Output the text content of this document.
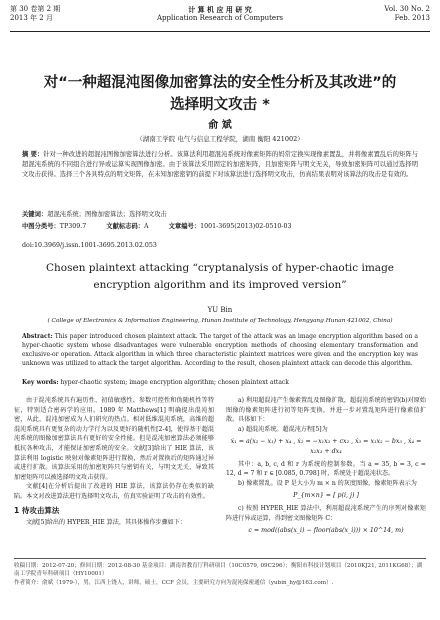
第 30 卷第 2 期
2013 年 2 月
计 算 机 应 用 研 究
Application Research of Computers
Vol. 30 No. 2
Feb. 2013
对“一种超混沌图像加密算法的安全性分析及其改进”的选择明文攻击 *
俞 斌
（湖南工学院 电气与信息工程学院，湖南 衡阳 421002）
摘 要：针对一种改进的超混沌图像加密算法进行分析。该算法利用超混沌系统对像素矩阵的妈常定换实现像素置乱，并将像素置乱后的矩阵与超混沌系统的不同组合进行异或运算实现图像加密。由于该算法采用固定的加密矩阵，且加密矩阵与明文无关，导致加密矩阵可以通过选择明文攻击获得。选择三个各具特点的明文矩阵，在未知加密密钥的前提下对该算法进行选择明文攻击，仿真结果表明对该算法的攻击是有效的。
关键词：超混沌系统；图像加密算法；选择明文攻击
中图分类号：TP309.7	文献标志码：A	文章编号：1001-3695(2013)02-0510-03
doi:10.3969/j.issn.1001-3695.2013.02.053
Chosen plaintext attacking “cryptanalysis of hyper-chaotic image encryption algorithm and its improved version”
YU Bin
( College of Electronics & Information Engineering, Hunan Institute of Technology, Hengyang Hunan 421002, China)
Abstract: This paper introduced chosen plaintext attack. The target of the attack was an image encryption algorithm based on a hyper-chaotic system whose disadvantages were vulnerable encryption methods of choosing elementary transformation and exclusive-or operation. Attack algorithm in which three characteristic plaintext matrices were given and the encryption key was unknown was utilized to attack the target algorithm. According to the result, chosen plaintext attack can decode this algorithm.
Key words: hyper-chaotic system; image encryption algorithm; chosen plaintext attack

由于混沌系统具有遍历性、初值敏感性、参数可控性和伪随机性等特征，特别适合密码学的应用。1989 年 Matthews[1] 明确提出混沌加密，从此，混沌加密成为人们研究的热点。相对低维混沌系统，高维的超混沌系统具有更复杂的动力学行为以及更好的随机性[2-4]，使得基于超混沌系统的图像加密算法具有更好的安全性能。但是混沌加密算法必须能够抵抗各种攻击，才能保证加密系统的安全。文献[3]给出了 HIE 算法，该算法利用 logistic 映射对像素矩阵进行置换，然后对置换后的矩阵通过异或进行扩散。该算法采用的加密矩阵只与密钥有关，与明文无关，导致其加密矩阵可以被选择明文攻击获得。

文献[4]在分析后提出了改进的 HIE 算法，该算法仍存在类似的缺陷。本文对改进算法进行选择明文攻击，仿真实验证明了攻击的有效性。

1 待攻击算法

文献[5]给出的 HYPER_HIE 算法，其具体操作步骤如下：

a) 利用超混沌产生像素置乱及图像扩散，超混沌系统的密钥(b)对原始图像的像素矩阵进行初等矩阵变换，并进一步对置乱矩阵进行像素值扩散。具体如下：

a) 超混沌系统。超混沌方程[5]为

ẋ₁ = a(x₂ − x₁) + x₄ , ẋ₂ = −x₁x₃ + cx₂ , ẋ₃ = x₁x₂ − bx₃ , ẋ₄ = x₂x₃ + dx₄

其中：a, b, c, d 和 r 为系统的控制参数。当 a = 35, b = 3, c = 12, d = 7 和 r ∈ [0.085, 0.798] 时，系统处于超混沌状态。

b) 像素置乱。设 P 是大小为 m × n 的灰度图像，像素矩阵表示为

P_{m×n} = [ p(i, j) ]

c) 按照 HYPER_HIE 算法中，利用超混沌系统产生的序列对像素矩阵进行异或运算，得到密文图像矩阵 C：

c = mod((abs(x_i) − floor(abs(x_i))) × 10^14, m)
收稿日期：2012-07-20；修回日期：2012-08-30 基金项目：湖南省教育厅科研项目（10C0579, 09C296）；衡阳市科技计划项目（2010KJ21, 2011KG68）；湖南工学院青年科研项目（HY10001）
作者简介：俞斌（1979-），男，江西上饶人，讲师，硕士，CCF 会员，主要研究方向为混沌保密通信（yubin_hy@163.com）.
